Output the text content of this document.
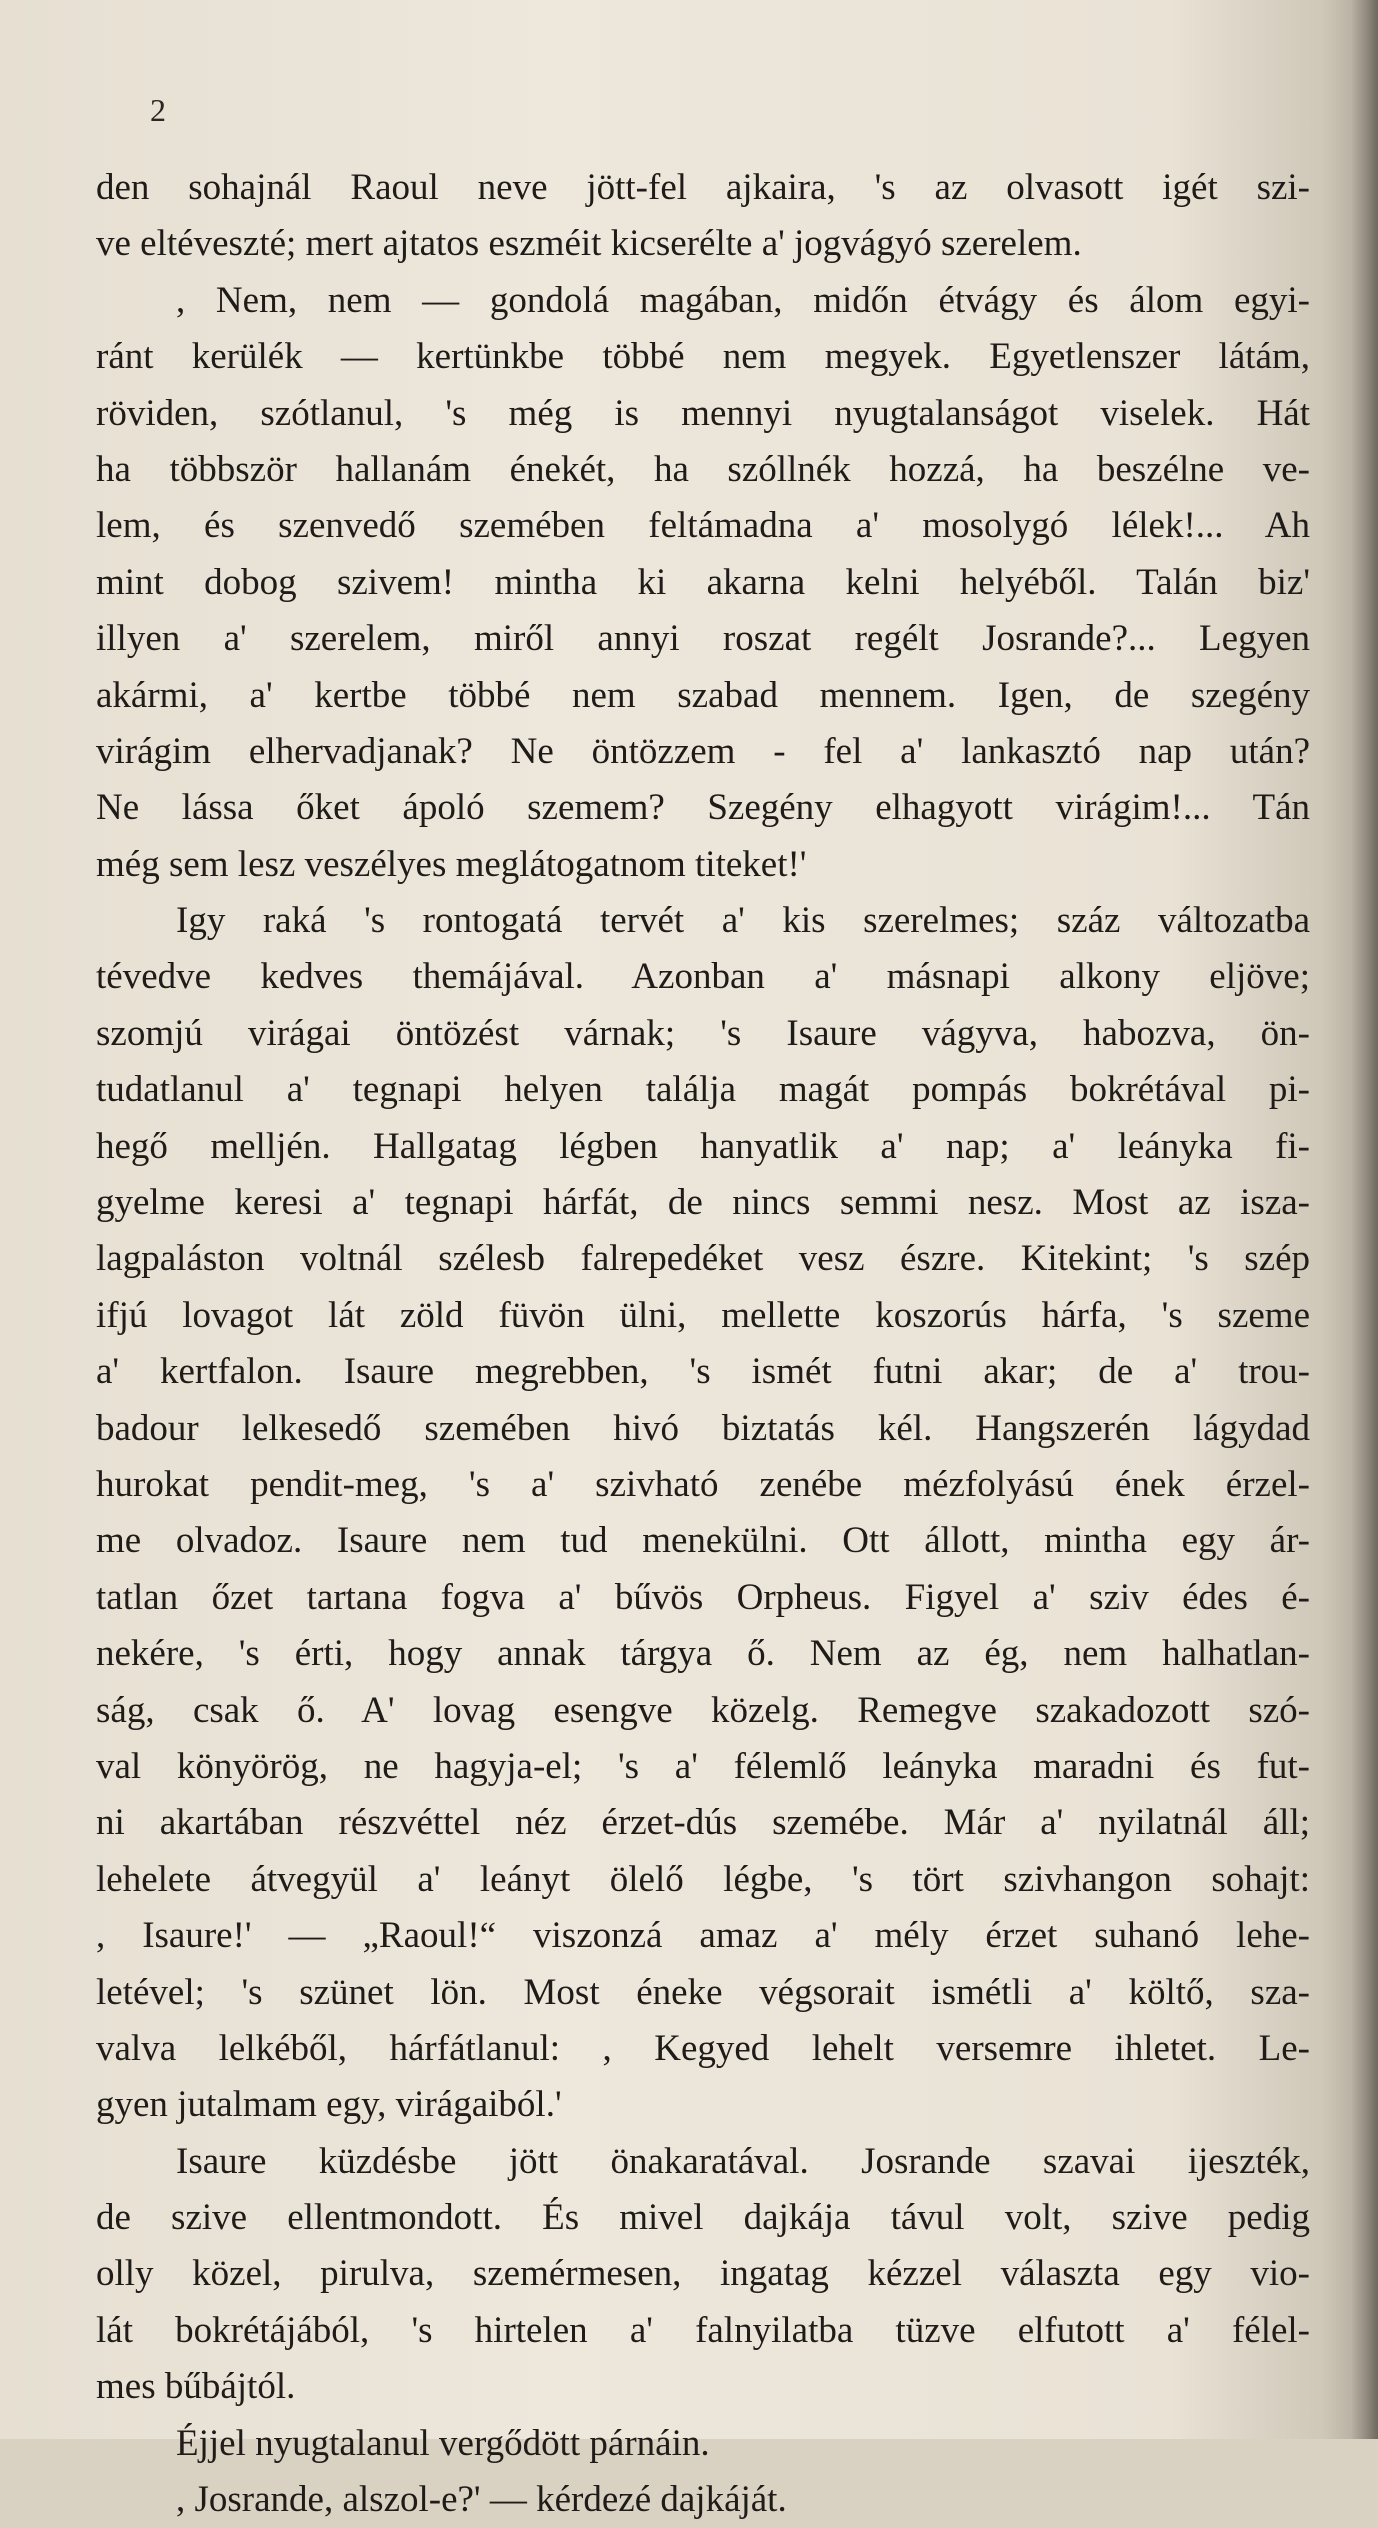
2
den sohajnál Raoul neve jött-fel ajkaira, 's az olvasott igét szi-
ve eltéveszté; mert ajtatos eszméit kicserélte a' jogvágyó szerelem.
, Nem, nem — gondolá magában, midőn étvágy és álom egyi-
ránt kerülék — kertünkbe többé nem megyek. Egyetlenszer látám,
röviden, szótlanul, 's még is mennyi nyugtalanságot viselek. Hát
ha többször hallanám énekét, ha szóllnék hozzá, ha beszélne ve-
lem, és szenvedő szemében feltámadna a' mosolygó lélek!... Ah
mint dobog szivem! mintha ki akarna kelni helyéből. Talán biz'
illyen a' szerelem, miről annyi roszat regélt Josrande?... Legyen
akármi, a' kertbe többé nem szabad mennem. Igen, de szegény
virágim elhervadjanak? Ne öntözzem - fel a' lankasztó nap után?
Ne lássa őket ápoló szemem? Szegény elhagyott virágim!... Tán
még sem lesz veszélyes meglátogatnom titeket!'
Igy raká 's rontogatá tervét a' kis szerelmes; száz változatba
tévedve kedves themájával. Azonban a' másnapi alkony eljöve;
szomjú virágai öntözést várnak; 's Isaure vágyva, habozva, ön-
tudatlanul a' tegnapi helyen találja magát pompás bokrétával pi-
hegő melljén. Hallgatag légben hanyatlik a' nap; a' leányka fi-
gyelme keresi a' tegnapi hárfát, de nincs semmi nesz. Most az isza-
lagpaláston voltnál szélesb falrepedéket vesz észre. Kitekint; 's szép
ifjú lovagot lát zöld füvön ülni, mellette koszorús hárfa, 's szeme
a' kertfalon. Isaure megrebben, 's ismét futni akar; de a' trou-
badour lelkesedő szemében hivó biztatás kél. Hangszerén lágydad
hurokat pendit-meg, 's a' szivható zenébe mézfolyású ének érzel-
me olvadoz. Isaure nem tud menekülni. Ott állott, mintha egy ár-
tatlan őzet tartana fogva a' bűvös Orpheus. Figyel a' sziv édes é-
nekére, 's érti, hogy annak tárgya ő. Nem az ég, nem halhatlan-
ság, csak ő. A' lovag esengve közelg. Remegve szakadozott szó-
val könyörög, ne hagyja-el; 's a' félemlő leányka maradni és fut-
ni akartában részvéttel néz érzet-dús szemébe. Már a' nyilatnál áll;
lehelete átvegyül a' leányt ölelő légbe, 's tört szivhangon sohajt:
, Isaure!' — „Raoul!“ viszonzá amaz a' mély érzet suhanó lehe-
letével; 's szünet lön. Most éneke végsorait ismétli a' költő, sza-
valva lelkéből, hárfátlanul: , Kegyed lehelt versemre ihletet. Le-
gyen jutalmam egy, virágaiból.'
Isaure küzdésbe jött önakaratával. Josrande szavai ijeszték,
de szive ellentmondott. És mivel dajkája távul volt, szive pedig
olly közel, pirulva, szemérmesen, ingatag kézzel választa egy vio-
lát bokrétájából, 's hirtelen a' falnyilatba tüzve elfutott a' félel-
mes bűbájtól.
Éjjel nyugtalanul vergődött párnáin.
, Josrande, alszol-e?' — kérdezé dajkáját.
